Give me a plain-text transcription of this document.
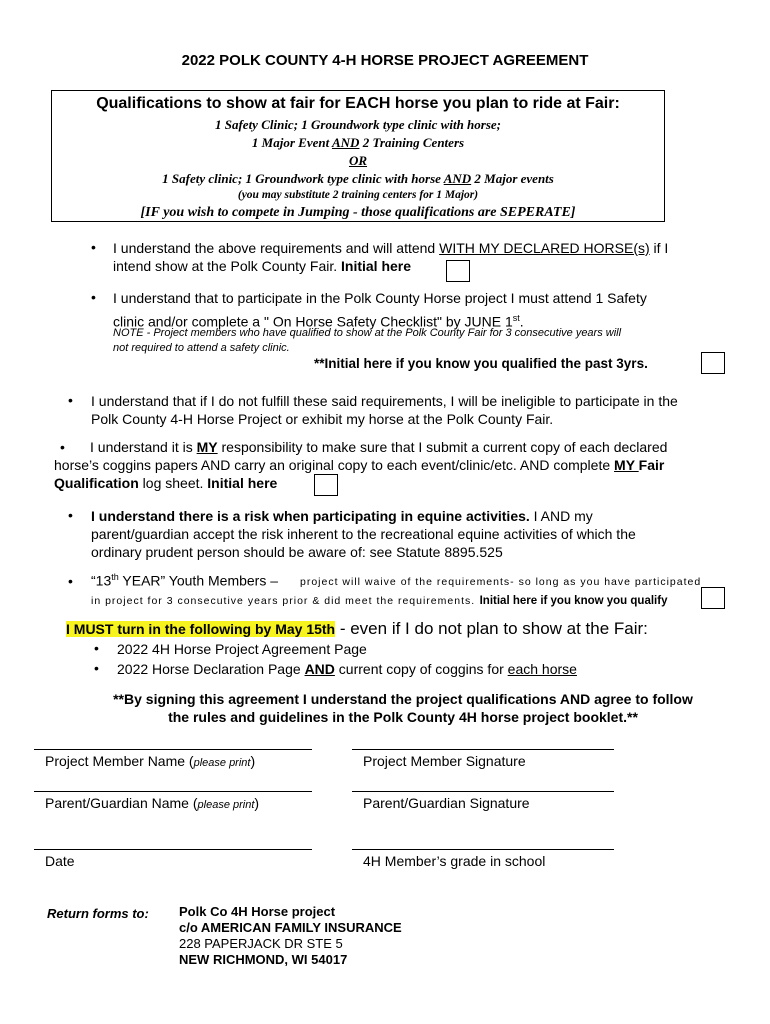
2022 POLK COUNTY 4-H HORSE PROJECT AGREEMENT
Qualifications to show at fair for EACH horse you plan to ride at Fair:
1 Safety Clinic; 1 Groundwork type clinic with horse;
1 Major Event AND 2 Training Centers
OR
1 Safety clinic; 1 Groundwork type clinic with horse AND 2 Major events
(you may substitute 2 training centers for 1 Major)
[IF you wish to compete in Jumping - those qualifications are SEPERATE]
• I understand the above requirements and will attend WITH MY DECLARED HORSE(s) if I
intend show at the Polk County Fair. Initial here
• I understand that to participate in the Polk County Horse project I must attend 1 Safety
clinic and/or complete a " On Horse Safety Checklist" by JUNE 1st.
NOTE - Project members who have qualified to show at the Polk County Fair for 3 consecutive years will
not required to attend a safety clinic.
**Initial here if you know you qualified the past 3yrs.
• I understand that if I do not fulfill these said requirements, I will be ineligible to participate in the
Polk County 4-H Horse Project or exhibit my horse at the Polk County Fair.
• I understand it is MY responsibility to make sure that I submit a current copy of each declared
horse’s coggins papers AND carry an original copy to each event/clinic/etc. AND complete MY Fair
Qualification log sheet. Initial here
• I understand there is a risk when participating in equine activities. I AND my
parent/guardian accept the risk inherent to the recreational equine activities of which the
ordinary prudent person should be aware of: see Statute 8895.525
• “13th YEAR” Youth Members – project will waive of the requirements- so long as you have participated
in project for 3 consecutive years prior & did meet the requirements. Initial here if you know you qualify
I MUST turn in the following by May 15th - even if I do not plan to show at the Fair:
• 2022 4H Horse Project Agreement Page
• 2022 Horse Declaration Page AND current copy of coggins for each horse
**By signing this agreement I understand the project qualifications AND agree to follow
the rules and guidelines in the Polk County 4H horse project booklet.**
Project Member Name (please print)	Project Member Signature
Parent/Guardian Name (please print)	Parent/Guardian Signature
Date	4H Member’s grade in school
Return forms to: Polk Co 4H Horse project
c/o AMERICAN FAMILY INSURANCE
228 PAPERJACK DR STE 5
NEW RICHMOND, WI 54017
